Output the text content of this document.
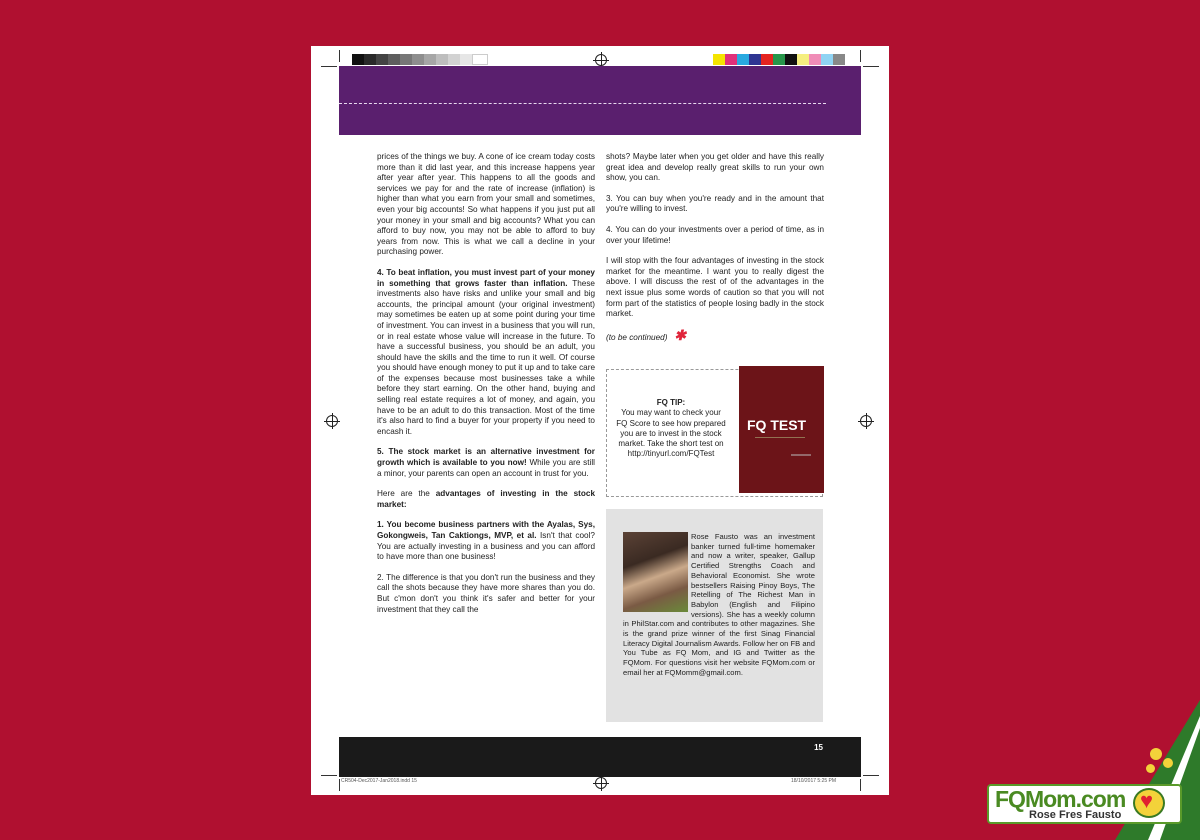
prices of the things we buy. A cone of ice cream today costs more than it did last year, and this increase happens year after year after year. This happens to all the goods and services we pay for and the rate of increase (inflation) is higher than what you earn from your small and sometimes, even your big accounts! So what happens if you just put all your money in your small and big accounts? What you can afford to buy now, you may not be able to afford to buy years from now. This is what we call a decline in your purchasing power.

4. To beat inflation, you must invest part of your money in something that grows faster than inflation. These investments also have risks and unlike your small and big accounts, the principal amount (your original investment) may sometimes be eaten up at some point during your time of investment. You can invest in a business that you will run, or in real estate whose value will increase in the future. To have a successful business, you should be an adult, you should have the skills and the time to run it well. Of course you should have enough money to put it up and to take care of the expenses because most businesses take a while before they start earning. On the other hand, buying and selling real estate requires a lot of money, and again, you have to be an adult to do this transaction. Most of the time it's also hard to find a buyer for your property if you need to encash it.

5. The stock market is an alternative investment for growth which is available to you now! While you are still a minor, your parents can open an account in trust for you.

Here are the advantages of investing in the stock market:

1. You become business partners with the Ayalas, Sys, Gokongweis, Tan Caktiongs, MVP, et al. Isn't that cool? You are actually investing in a business and you can afford to have more than one business!

2. The difference is that you don't run the business and they call the shots because they have more shares than you do. But c'mon don't you think it's safer and better for your investment that they call the

shots? Maybe later when you get older and have this really great idea and develop really great skills to run your own show, you can.

3. You can buy when you're ready and in the amount that you're willing to invest.

4. You can do your investments over a period of time, as in over your lifetime!

I will stop with the four advantages of investing in the stock market for the meantime. I want you to really digest the above. I will discuss the rest of of the advantages in the next issue plus some words of caution so that you will not form part of the statistics of people losing badly in the stock market.

(to be continued) ✱

FQ TIP:
You may want to check your FQ Score to see how prepared you are to invest in the stock market. Take the short test on http://tinyurl.com/FQTest
FQ TEST
Rose Fausto was an investment banker turned full-time homemaker and now a writer, speaker, Gallup Certified Strengths Coach and Behavioral Economist. She wrote bestsellers Raising Pinoy Boys, The Retelling of The Richest Man in Babylon (English and Filipino versions). She has a weekly column in PhilStar.com and contributes to other magazines. She is the grand prize winner of the first Sinag Financial Literacy Digital Journalism Awards. Follow her on FB and You Tube as FQ Mom, and IG and Twitter as the FQMom. For questions visit her website FQMom.com or email her at FQMomm@gmail.com.
15
CR504-Dec2017-Jan2018.indd 15	18/10/2017 5:25 PM
FQMom.com
Rose Fres Fausto
♥
